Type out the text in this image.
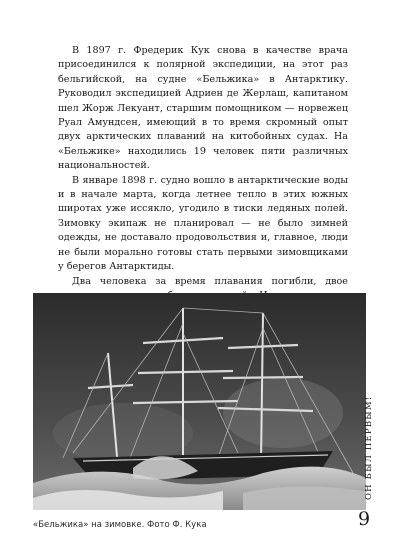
В 1897 г. Фредерик Кук снова в качестве врача присоединился к полярной экспедиции, на этот раз бельгийской, на судне «Бельжика» в Антарктику. Руководил экспедицией Адриен де Жерлаш, капитаном шел Жорж Лекуант, старшим помощником — норвежец Руал Амундсен, имеющий в то время скромный опыт двух арктических плаваний на китобойных судах. На «Бельжике» находились 19 человек пяти различных национальностей.

В январе 1898 г. судно вошло в антарктические воды и в начале марта, когда летнее тепло в этих южных широтах уже иссякло, угодило в тиски ледяных полей. Зимовку экипаж не планировал — не было зимней одежды, не доставало продовольствия и, главное, люди не были морально готовы стать первыми зимовщиками у берегов Антарктиды.

Два человека за время плавания погибли, двое

«Бельжика» на зимовке. Фото Ф. Кука
ОН БЫЛ ПЕРВЫМ!
9
